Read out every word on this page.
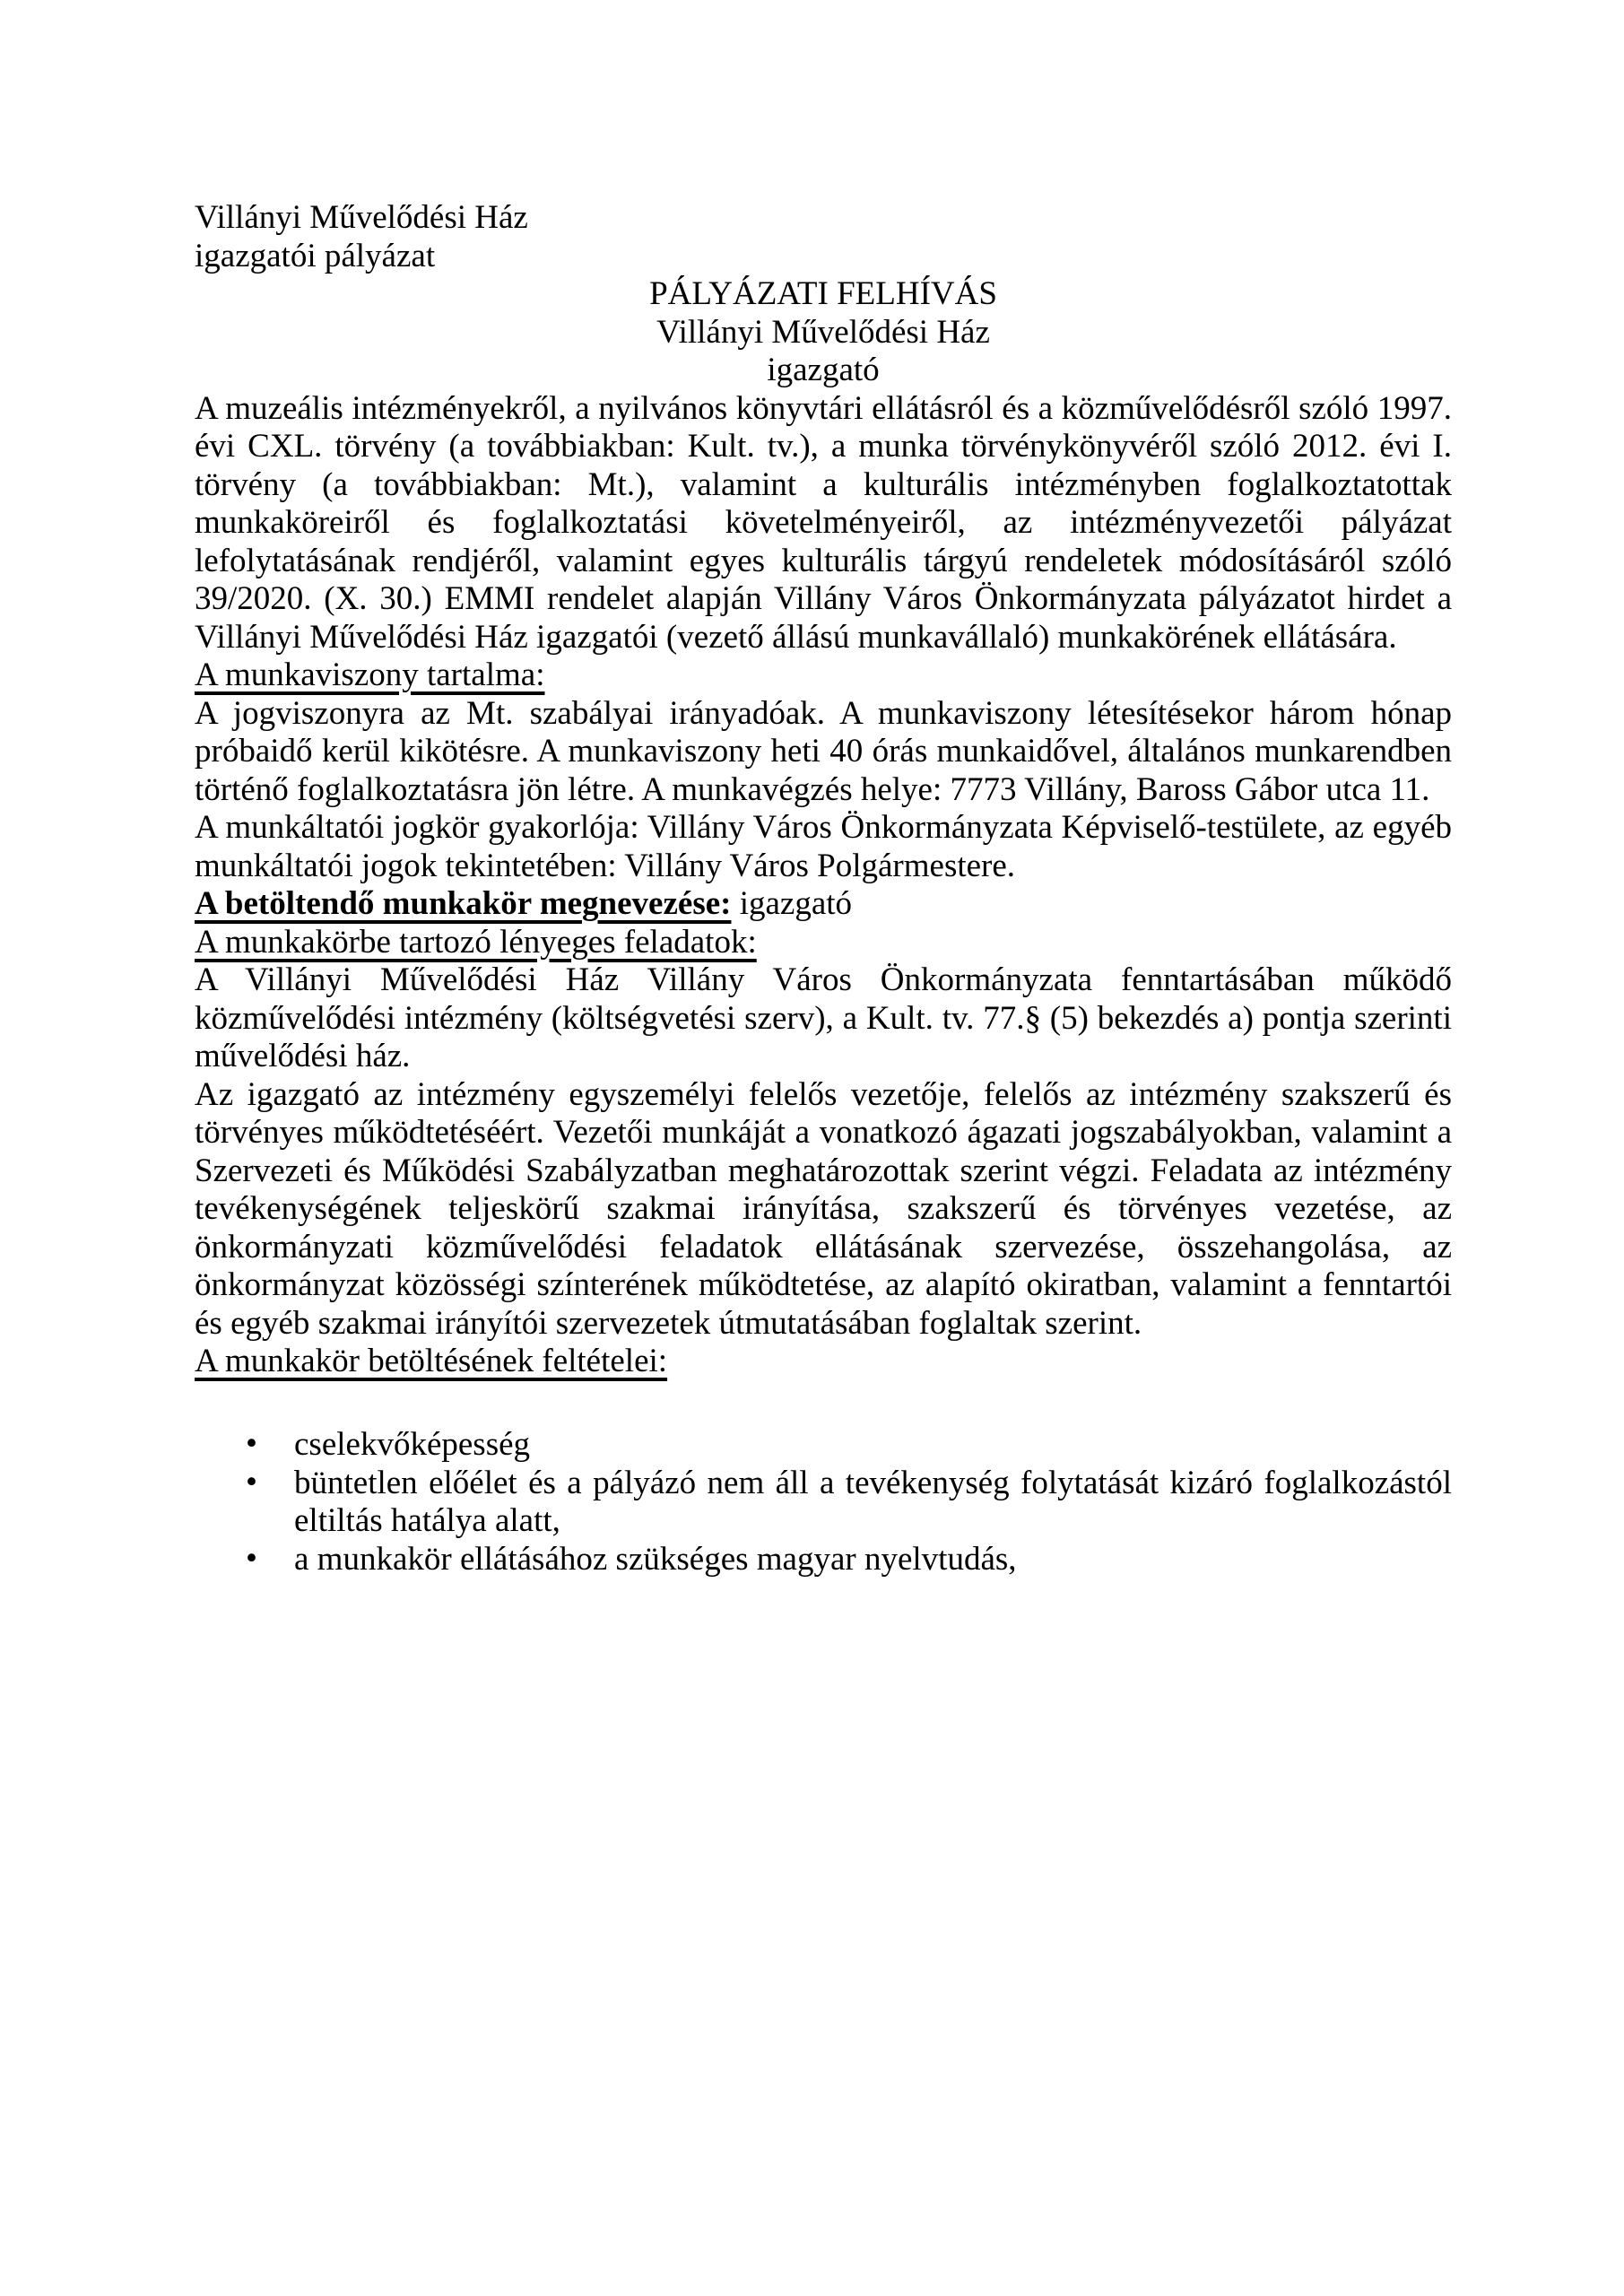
Villányi Művelődési Ház
igazgatói pályázat
PÁLYÁZATI FELHÍVÁS
Villányi Művelődési Ház
igazgató

A muzeális intézményekről, a nyilvános könyvtári ellátásról és a közművelődésről szóló 1997. évi CXL. törvény (a továbbiakban: Kult. tv.), a munka törvénykönyvéről szóló 2012. évi I. törvény (a továbbiakban: Mt.), valamint a kulturális intézményben foglalkoztatottak munkaköreiről és foglalkoztatási követelményeiről, az intézményvezetői pályázat lefolytatásának rendjéről, valamint egyes kulturális tárgyú rendeletek módosításáról szóló 39/2020. (X. 30.) EMMI rendelet alapján Villány Város Önkormányzata pályázatot hirdet a Villányi Művelődési Ház igazgatói (vezető állású munkavállaló) munkakörének ellátására.

A munkaviszony tartalma:

A jogviszonyra az Mt. szabályai irányadóak. A munkaviszony létesítésekor három hónap próbaidő kerül kikötésre. A munkaviszony heti 40 órás munkaidővel, általános munkarendben történő foglalkoztatásra jön létre. A munkavégzés helye: 7773 Villány, Baross Gábor utca 11.

A munkáltatói jogkör gyakorlója: Villány Város Önkormányzata Képviselő-testülete, az egyéb munkáltatói jogok tekintetében: Villány Város Polgármestere.

A betöltendő munkakör megnevezése: igazgató

A munkakörbe tartozó lényeges feladatok:

A Villányi Művelődési Ház Villány Város Önkormányzata fenntartásában működő közművelődési intézmény (költségvetési szerv), a Kult. tv. 77.§ (5) bekezdés a) pontja szerinti művelődési ház.

Az igazgató az intézmény egyszemélyi felelős vezetője, felelős az intézmény szakszerű és törvényes működtetéséért. Vezetői munkáját a vonatkozó ágazati jogszabályokban, valamint a Szervezeti és Működési Szabályzatban meghatározottak szerint végzi. Feladata az intézmény tevékenységének teljeskörű szakmai irányítása, szakszerű és törvényes vezetése, az önkormányzati közművelődési feladatok ellátásának szervezése, összehangolása, az önkormányzat közösségi színterének működtetése, az alapító okiratban, valamint a fenntartói és egyéb szakmai irányítói szervezetek útmutatásában foglaltak szerint.

A munkakör betöltésének feltételei:
• cselekvőképesség
• büntetlen előélet és a pályázó nem áll a tevékenység folytatását kizáró foglalkozástól eltiltás hatálya alatt,
• a munkakör ellátásához szükséges magyar nyelvtudás,
